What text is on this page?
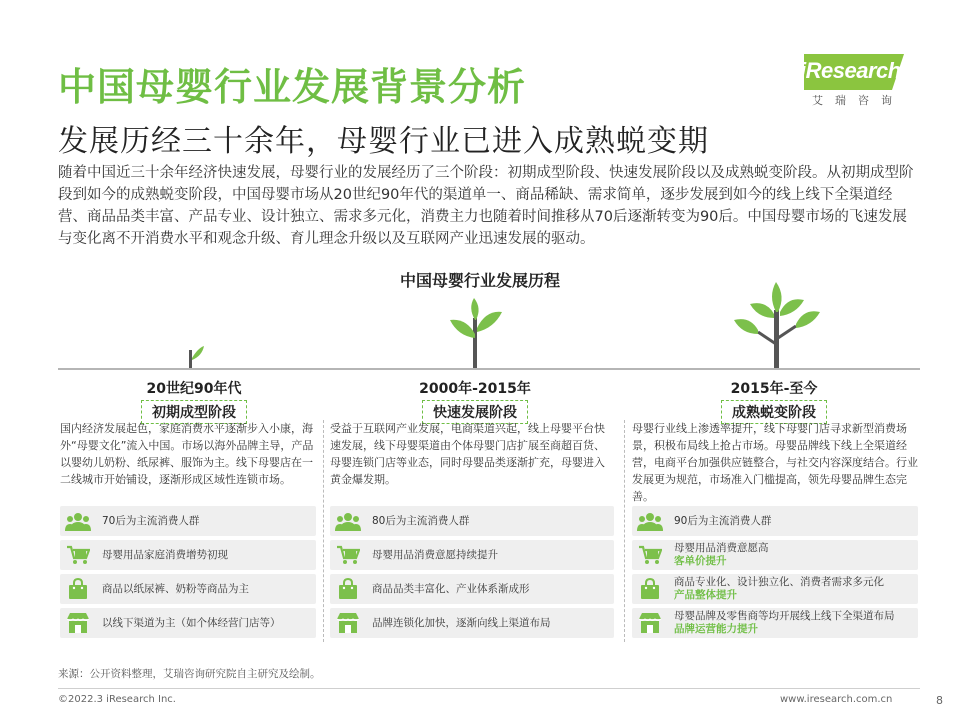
中国母婴行业发展背景分析
发展历经三十余年，母婴行业已进入成熟蜕变期
iResearch
艾瑞咨询
随着中国近三十余年经济快速发展，母婴行业的发展经历了三个阶段：初期成型阶段、快速发展阶段以及成熟蜕变阶段。从初期成型阶段到如今的成熟蜕变阶段，中国母婴市场从20世纪90年代的渠道单一、商品稀缺、需求简单，逐步发展到如今的线上线下全渠道经营、商品品类丰富、产品专业、设计独立、需求多元化，消费主力也随着时间推移从70后逐渐转变为90后。中国母婴市场的飞速发展与变化离不开消费水平和观念升级、育儿理念升级以及互联网产业迅速发展的驱动。
中国母婴行业发展历程
20世纪90年代
初期成型阶段
2000年-2015年
快速发展阶段
2015年-至今
成熟蜕变阶段
国内经济发展起色，家庭消费水平逐渐步入小康，海外“母婴文化”流入中国。市场以海外品牌主导，产品以婴幼儿奶粉、纸尿裤、服饰为主。线下母婴店在一二线城市开始铺设，逐渐形成区域性连锁市场。
70后为主流消费人群
母婴用品家庭消费增势初现
商品以纸尿裤、奶粉等商品为主
以线下渠道为主（如个体经营门店等）
受益于互联网产业发展，电商渠道兴起，线上母婴平台快速发展，线下母婴渠道由个体母婴门店扩展至商超百货、母婴连锁门店等业态，同时母婴品类逐渐扩充，母婴进入黄金爆发期。
80后为主流消费人群
母婴用品消费意愿持续提升
商品品类丰富化、产业体系渐成形
品牌连锁化加快，逐渐向线上渠道布局
母婴行业线上渗透率提升，线下母婴门店寻求新型消费场景，积极布局线上抢占市场。母婴品牌线下线上全渠道经营，电商平台加强供应链整合，与社交内容深度结合。行业发展更为规范，市场准入门槛提高，领先母婴品牌生态完善。
90后为主流消费人群
母婴用品消费意愿高
客单价提升
商品专业化、设计独立化、消费者需求多元化
产品整体提升
母婴品牌及零售商等均开展线上线下全渠道布局
品牌运营能力提升
来源：公开资料整理，艾瑞咨询研究院自主研究及绘制。
©2022.3 iResearch Inc.	www.iresearch.com.cn	8
